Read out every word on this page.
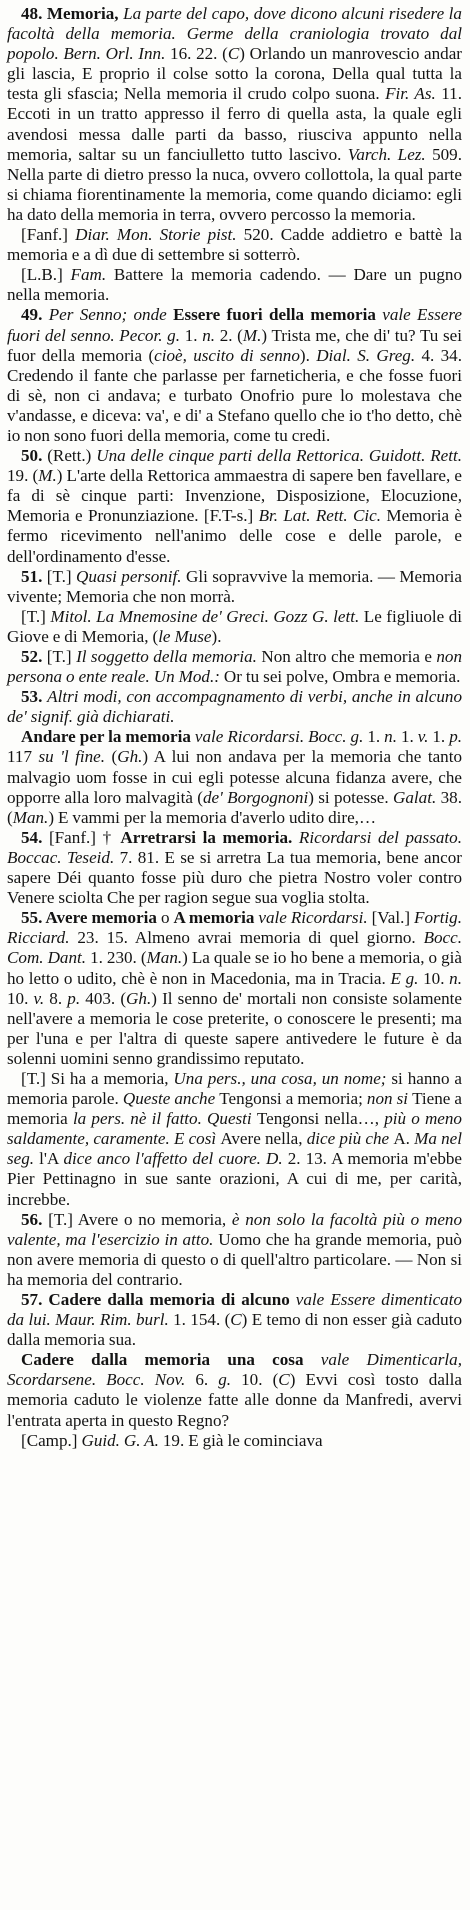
48. Memoria, La parte del capo, dove dicono alcuni risedere la facoltà della memoria. Germe della craniologia trovato dal popolo. Bern. Orl. Inn. 16. 22. (C) Orlando un manrovescio andar gli lascia, E proprio il colse sotto la corona, Della qual tutta la testa gli sfascia; Nella memoria il crudo colpo suona. Fir. As. 11. Eccoti in un tratto appresso il ferro di quella asta, la quale egli avendosi messa dalle parti da basso, riusciva appunto nella memoria, saltar su un fanciulletto tutto lascivo. Varch. Lez. 509. Nella parte di dietro presso la nuca, ovvero collottola, la qual parte si chiama fiorentinamente la memoria, come quando diciamo: egli ha dato della memoria in terra, ovvero percosso la memoria.

[Fanf.] Diar. Mon. Storie pist. 520. Cadde addietro e battè la memoria e a dì due di settembre si sotterrò.

[L.B.] Fam. Battere la memoria cadendo. — Dare un pugno nella memoria.

49. Per Senno; onde Essere fuori della memoria vale Essere fuori del senno. Pecor. g. 1. n. 2. (M.) Trista me, che di' tu? Tu sei fuor della memoria (cioè, uscito di senno). Dial. S. Greg. 4. 34. Credendo il fante che parlasse per farneticheria, e che fosse fuori di sè, non ci andava; e turbato Onofrio pure lo molestava che v'andasse, e diceva: va', e di' a Stefano quello che io t'ho detto, chè io non sono fuori della memoria, come tu credi.

50. (Rett.) Una delle cinque parti della Rettorica. Guidott. Rett. 19. (M.) L'arte della Rettorica ammaestra di sapere ben favellare, e fa di sè cinque parti: Invenzione, Disposizione, Elocuzione, Memoria e Pronunziazione. [F.T-s.] Br. Lat. Rett. Cic. Memoria è fermo ricevimento nell'animo delle cose e delle parole, e dell'ordinamento d'esse.

51. [T.] Quasi personif. Gli sopravvive la memoria. — Memoria vivente; Memoria che non morrà.

[T.] Mitol. La Mnemosine de' Greci. Gozz G. lett. Le figliuole di Giove e di Memoria, (le Muse).

52. [T.] Il soggetto della memoria. Non altro che memoria e non persona o ente reale. Un Mod.: Or tu sei polve, Ombra e memoria.

53. Altri modi, con accompagnamento di verbi, anche in alcuno de' signif. già dichiarati.

Andare per la memoria vale Ricordarsi. Bocc. g. 1. n. 1. v. 1. p. 117 su 'l fine. (Gh.) A lui non andava per la memoria che tanto malvagio uom fosse in cui egli potesse alcuna fidanza avere, che opporre alla loro malvagità (de' Borgognoni) si potesse. Galat. 38. (Man.) E vammi per la memoria d'averlo udito dire,…

54. [Fanf.] † Arretrarsi la memoria. Ricordarsi del passato. Boccac. Teseid. 7. 81. E se si arretra La tua memoria, bene ancor sapere Déi quanto fosse più duro che pietra Nostro voler contro Venere sciolta Che per ragion segue sua voglia stolta.

55. Avere memoria o A memoria vale Ricordarsi. [Val.] Fortig. Ricciard. 23. 15. Almeno avrai memoria di quel giorno. Bocc. Com. Dant. 1. 230. (Man.) La quale se io ho bene a memoria, o già ho letto o udito, chè è non in Macedonia, ma in Tracia. E g. 10. n. 10. v. 8. p. 403. (Gh.) Il senno de' mortali non consiste solamente nell'avere a memoria le cose preterite, o conoscere le presenti; ma per l'una e per l'altra di queste sapere antivedere le future è da solenni uomini senno grandissimo reputato.

[T.] Si ha a memoria, Una pers., una cosa, un nome; si hanno a memoria parole. Queste anche Tengonsi a memoria; non si Tiene a memoria la pers. nè il fatto. Questi Tengonsi nella…, più o meno saldamente, caramente. E così Avere nella, dice più che A. Ma nel seg. l'A dice anco l'affetto del cuore. D. 2. 13. A memoria m'ebbe Pier Pettinagno in sue sante orazioni, A cui di me, per carità, increbbe.

56. [T.] Avere o no memoria, è non solo la facoltà più o meno valente, ma l'esercizio in atto. Uomo che ha grande memoria, può non avere memoria di questo o di quell'altro particolare. — Non si ha memoria del contrario.

57. Cadere dalla memoria di alcuno vale Essere dimenticato da lui. Maur. Rim. burl. 1. 154. (C) E temo di non esser già caduto dalla memoria sua.

Cadere dalla memoria una cosa vale Dimenticarla, Scordarsene. Bocc. Nov. 6. g. 10. (C) Evvi così tosto dalla memoria caduto le violenze fatte alle donne da Manfredi, avervi l'entrata aperta in questo Regno?

[Camp.] Guid. G. A. 19. E già le cominciava
